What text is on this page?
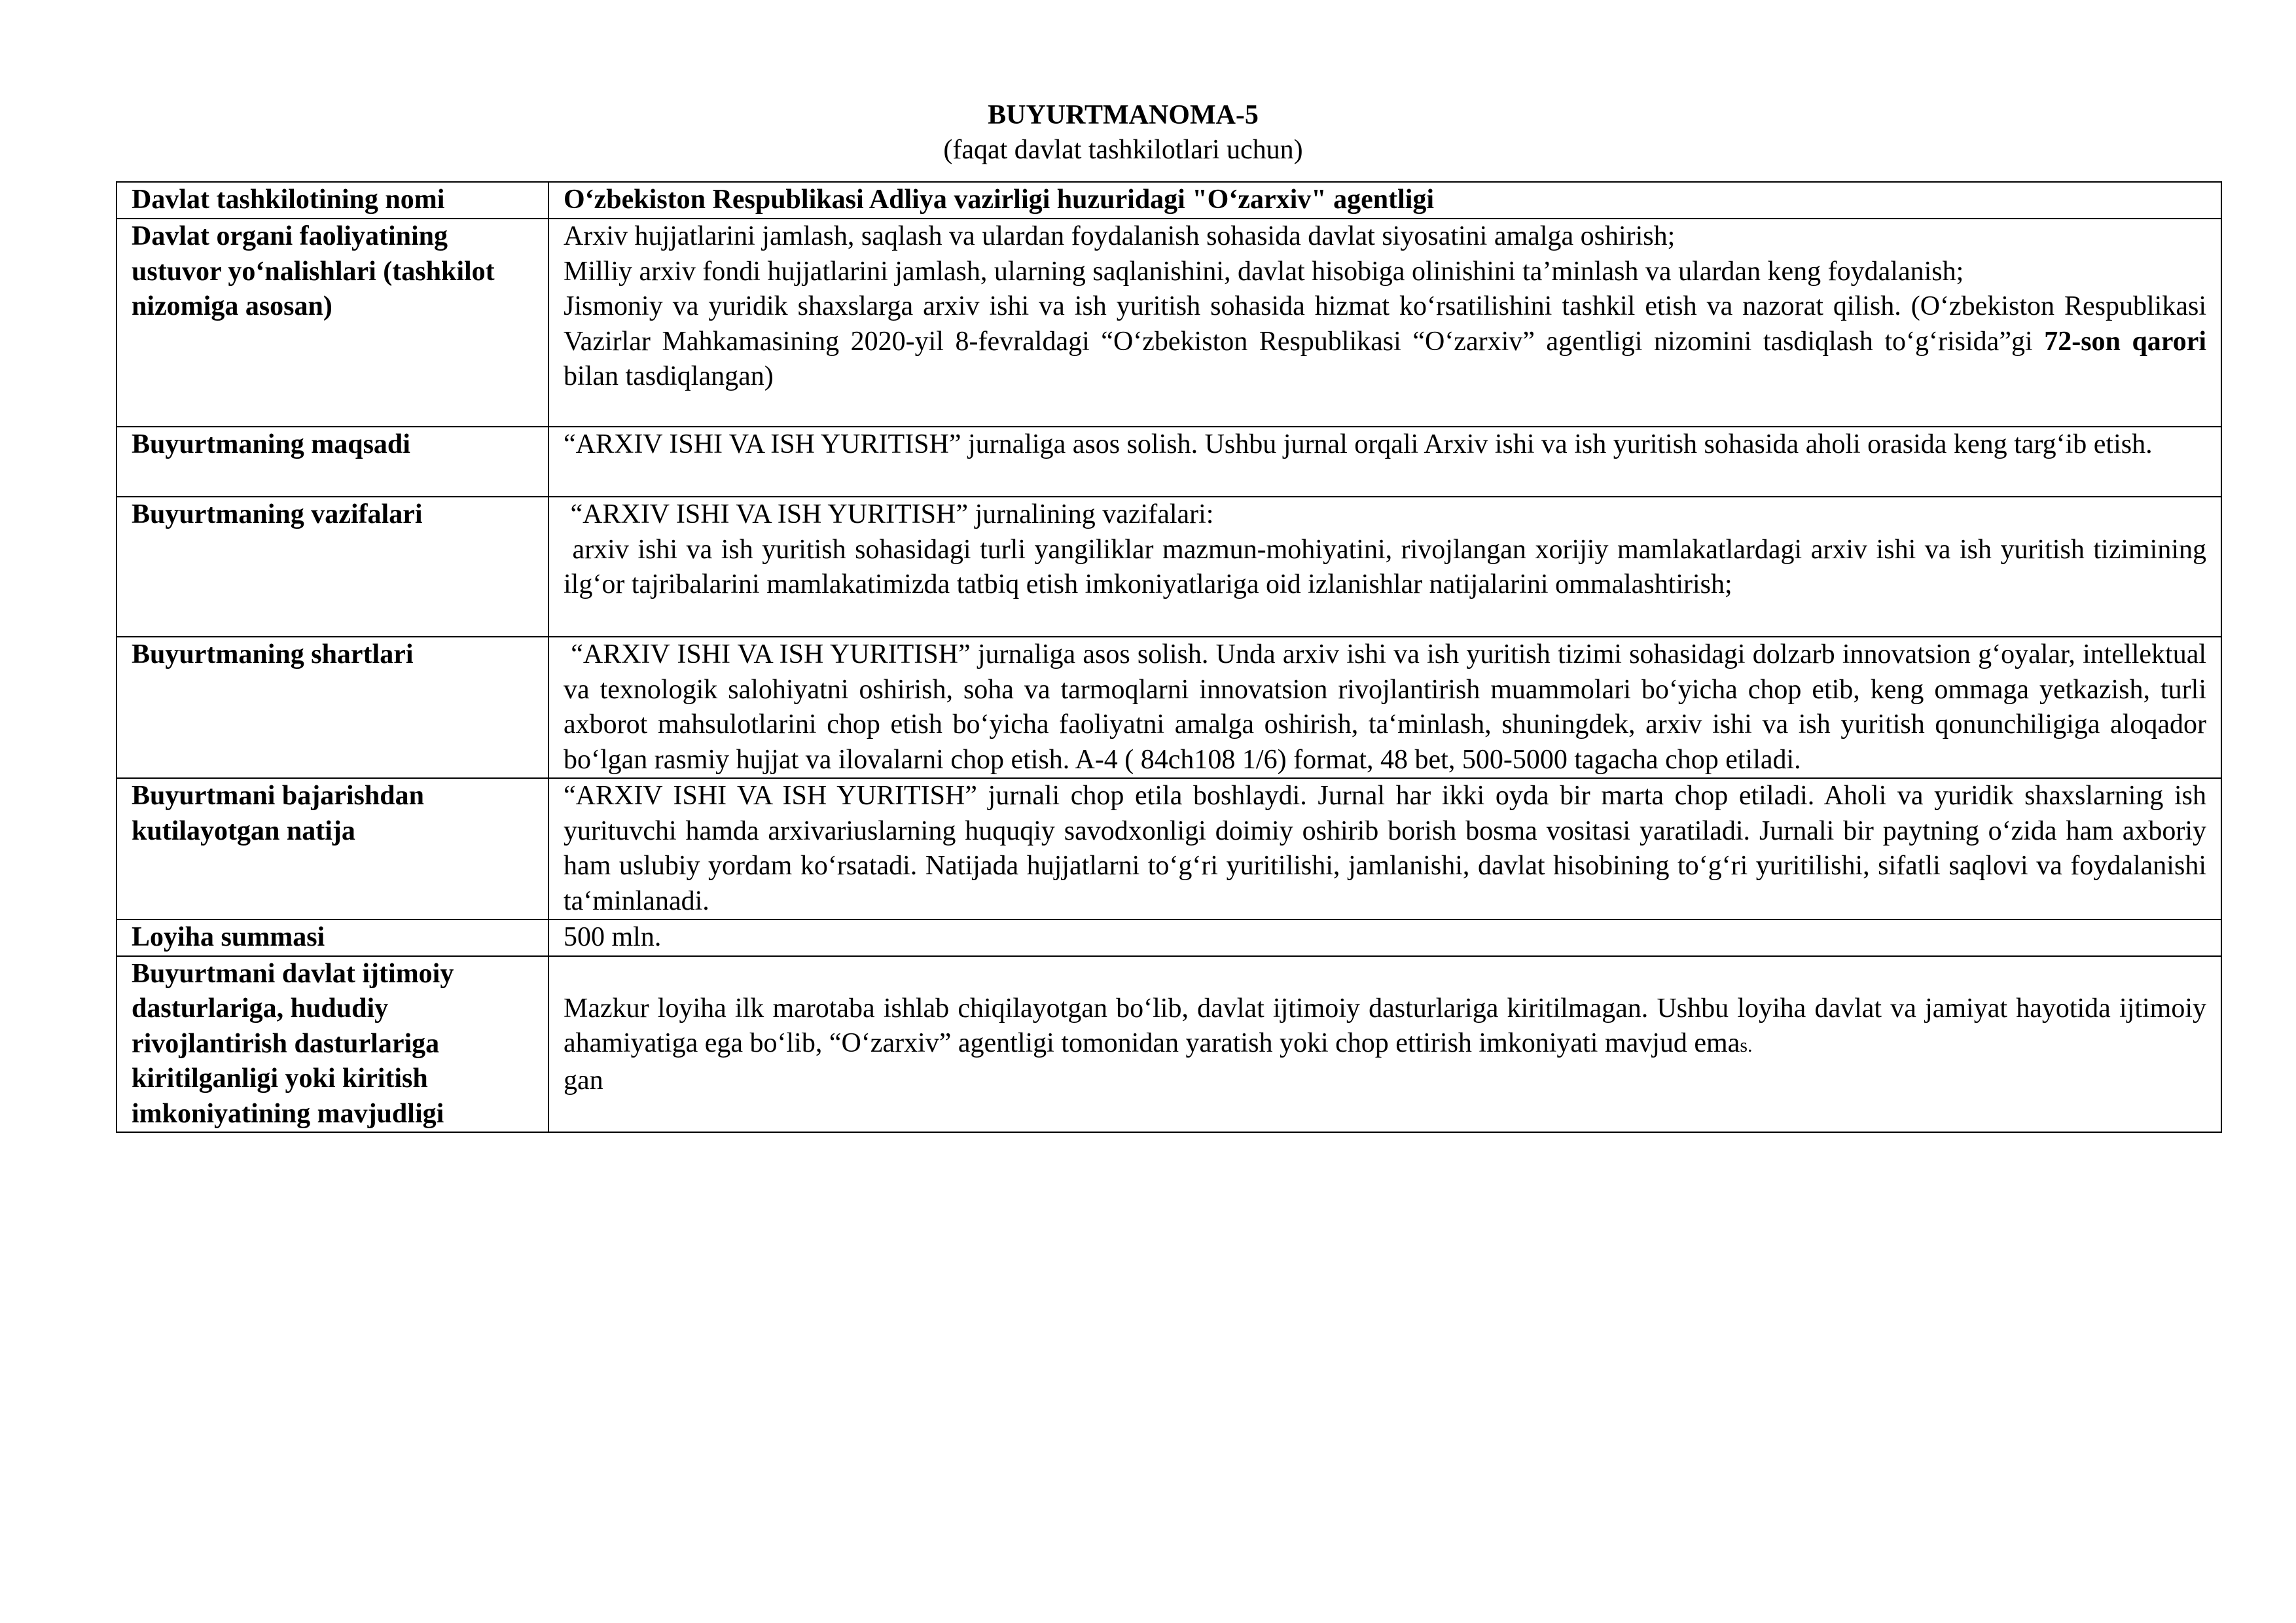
BUYURTMANOMA-5
(faqat davlat tashkilotlari uchun)
Davlat tashkilotining nomi	O‘zbekiston Respublikasi Adliya vazirligi huzuridagi "O‘zarxiv" agentligi
Davlat organi faoliyatining ustuvor yo‘nalishlari (tashkilot nizomiga asosan)	Arxiv hujjatlarini jamlash, saqlash va ulardan foydalanish sohasida davlat siyosatini amalga oshirish;
Milliy arxiv fondi hujjatlarini jamlash, ularning saqlanishini, davlat hisobiga olinishini ta’minlash va ulardan keng foydalanish;
Jismoniy va yuridik shaxslarga arxiv ishi va ish yuritish sohasida hizmat ko‘rsatilishini tashkil etish va nazorat qilish. (O‘zbekiston Respublikasi Vazirlar Mahkamasining 2020-yil 8-fevraldagi “O‘zbekiston Respublikasi “O‘zarxiv” agentligi nizomini tasdiqlash to‘g‘risida”gi 72-son qarori bilan tasdiqlangan)

Buyurtmaning maqsadi	“ARXIV ISHI VA ISH YURITISH” jurnaliga asos solish. Ushbu jurnal orqali Arxiv ishi va ish yuritish sohasida aholi orasida keng targ‘ib etish.
Buyurtmaning vazifalari	“ARXIV ISHI VA ISH YURITISH” jurnalining vazifalari:
arxiv ishi va ish yuritish sohasidagi turli yangiliklar mazmun-mohiyatini, rivojlangan xorijiy mamlakatlardagi arxiv ishi va ish yuritish tizimining ilg‘or tajribalarini mamlakatimizda tatbiq etish imkoniyatlariga oid izlanishlar natijalarini ommalashtirish;

Buyurtmaning shartlari	“ARXIV ISHI VA ISH YURITISH” jurnaliga asos solish. Unda arxiv ishi va ish yuritish tizimi sohasidagi dolzarb innovatsion g‘oyalar, intellektual va texnologik salohiyatni oshirish, soha va tarmoqlarni innovatsion rivojlantirish muammolari bo‘yicha chop etib, keng ommaga yetkazish, turli axborot mahsulotlarini chop etish bo‘yicha faoliyatni amalga oshirish, ta‘minlash, shuningdek, arxiv ishi va ish yuritish qonunchiligiga aloqador bo‘lgan rasmiy hujjat va ilovalarni chop etish. A-4 ( 84ch108 1/6) format, 48 bet, 500-5000 tagacha chop etiladi.
Buyurtmani bajarishdan kutilayotgan natija	“ARXIV ISHI VA ISH YURITISH” jurnali chop etila boshlaydi. Jurnal har ikki oyda bir marta chop etiladi. Aholi va yuridik shaxslarning ish yurituvchi hamda arxivariuslarning huquqiy savodxonligi doimiy oshirib borish bosma vositasi yaratiladi. Jurnali bir paytning o‘zida ham axboriy ham uslubiy yordam ko‘rsatadi. Natijada hujjatlarni to‘g‘ri yuritilishi, jamlanishi, davlat hisobining to‘g‘ri yuritilishi, sifatli saqlovi va foydalanishi ta‘minlanadi.
Loyiha summasi	500 mln.
Buyurtmani davlat ijtimoiy dasturlariga, hududiy rivojlantirish dasturlariga kiritilganligi yoki kiritish imkoniyatining mavjudligi	Mazkur loyiha ilk marotaba ishlab chiqilayotgan bo‘lib, davlat ijtimoiy dasturlariga kiritilmagan. Ushbu loyiha davlat va jamiyat hayotida ijtimoiy ahamiyatiga ega bo‘lib, “O‘zarxiv” agentligi tomonidan yaratish yoki chop ettirish imkoniyati mavjud emas.
gan
